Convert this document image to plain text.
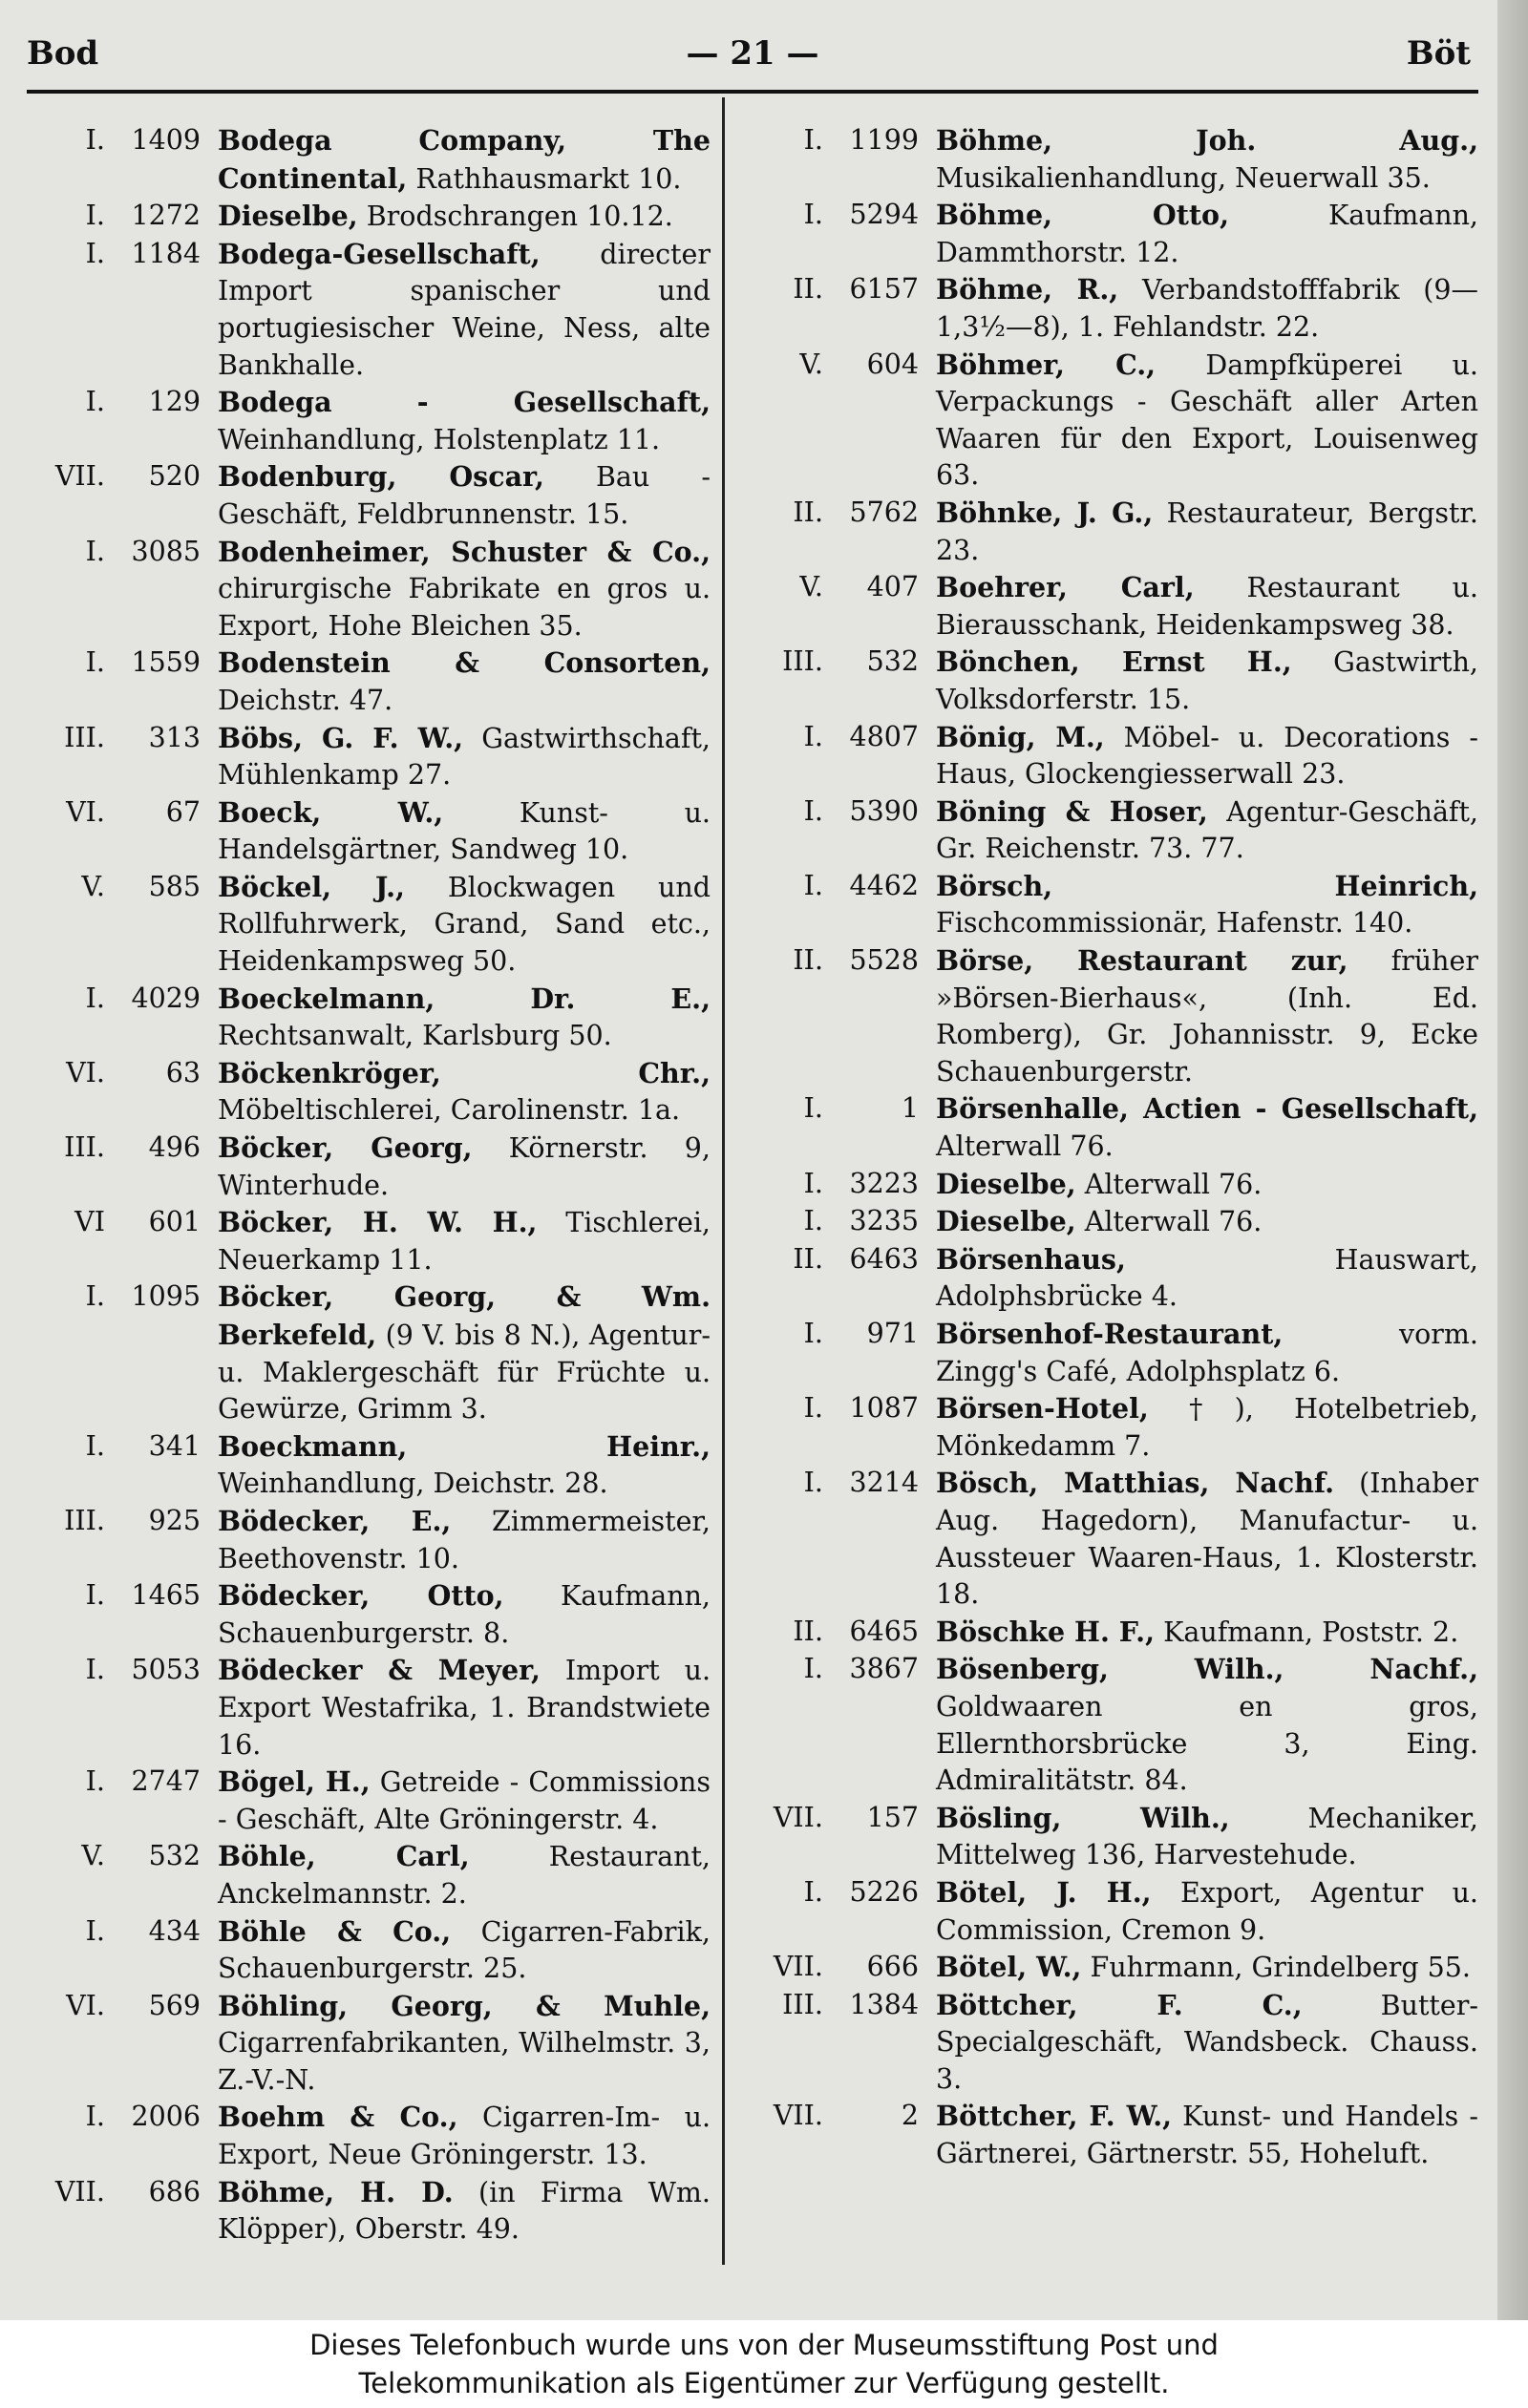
Bod	— 21 —	Böt
I. 1409 Bodega Company, The Continental, Rathhausmarkt 10.
I. 1272 Dieselbe, Brodschrangen 10.12.
I. 1184 Bodega-Gesellschaft, directer Import spanischer und portugiesischer Weine, Ness, alte Bankhalle.
I. 129 Bodega - Gesellschaft, Weinhandlung, Holstenplatz 11.
VII. 520 Bodenburg, Oscar, Bau - Geschäft, Feldbrunnenstr. 15.
I. 3085 Bodenheimer, Schuster & Co., chirurgische Fabrikate en gros u. Export, Hohe Bleichen 35.
I. 1559 Bodenstein & Consorten, Deichstr. 47.
III. 313 Böbs, G. F. W., Gastwirthschaft, Mühlenkamp 27.
VI. 67 Boeck, W., Kunst- u. Handelsgärtner, Sandweg 10.
V. 585 Böckel, J., Blockwagen und Rollfuhrwerk, Grand, Sand etc., Heidenkampsweg 50.
I. 4029 Boeckelmann, Dr. E., Rechtsanwalt, Karlsburg 50.
VI. 63 Böckenkröger, Chr., Möbeltischlerei, Carolinenstr. 1a.
III. 496 Böcker, Georg, Körnerstr. 9, Winterhude.
VI 601 Böcker, H. W. H., Tischlerei, Neuerkamp 11.
I. 1095 Böcker, Georg, & Wm. Berkefeld, (9 V. bis 8 N.), Agentur- u. Maklergeschäft für Früchte u. Gewürze, Grimm 3.
I. 341 Boeckmann, Heinr., Weinhandlung, Deichstr. 28.
III. 925 Bödecker, E., Zimmermeister, Beethovenstr. 10.
I. 1465 Bödecker, Otto, Kaufmann, Schauenburgerstr. 8.
I. 5053 Bödecker & Meyer, Import u. Export Westafrika, 1. Brandstwiete 16.
I. 2747 Bögel, H., Getreide - Commissions - Geschäft, Alte Gröningerstr. 4.
V. 532 Böhle, Carl, Restaurant, Anckelmannstr. 2.
I. 434 Böhle & Co., Cigarren-Fabrik, Schauenburgerstr. 25.
VI. 569 Böhling, Georg, & Muhle, Cigarrenfabrikanten, Wilhelmstr. 3, Z.-V.-N.
I. 2006 Boehm & Co., Cigarren-Im- u. Export, Neue Gröningerstr. 13.
VII. 686 Böhme, H. D. (in Firma Wm. Klöpper), Oberstr. 49.
I. 1199 Böhme, Joh. Aug., Musikalienhandlung, Neuerwall 35.
I. 5294 Böhme, Otto, Kaufmann, Dammthorstr. 12.
II. 6157 Böhme, R., Verbandstofffabrik (9—1,3½—8), 1. Fehlandstr. 22.
V. 604 Böhmer, C., Dampfküperei u. Verpackungs - Geschäft aller Arten Waaren für den Export, Louisenweg 63.
II. 5762 Böhnke, J. G., Restaurateur, Bergstr. 23.
V. 407 Boehrer, Carl, Restaurant u. Bierausschank, Heidenkampsweg 38.
III. 532 Bönchen, Ernst H., Gastwirth, Volksdorferstr. 15.
I. 4807 Bönig, M., Möbel- u. Decorations - Haus, Glockengiesserwall 23.
I. 5390 Böning & Hoser, Agentur-Geschäft, Gr. Reichenstr. 73. 77.
I. 4462 Börsch, Heinrich, Fischcommissionär, Hafenstr. 140.
II. 5528 Börse, Restaurant zur, früher »Börsen-Bierhaus«, (Inh. Ed. Romberg), Gr. Johannisstr. 9, Ecke Schauenburgerstr.
I.	1 Börsenhalle, Actien - Gesellschaft, Alterwall 76.
I. 3223 Dieselbe, Alterwall 76.
I. 3235 Dieselbe, Alterwall 76.
II. 6463 Börsenhaus, Hauswart, Adolphsbrücke 4.
I. 971 Börsenhof-Restaurant, vorm. Zingg's Café, Adolphsplatz 6.
I. 1087 Börsen-Hotel, †), Hotelbetrieb, Mönkedamm 7.
I. 3214 Bösch, Matthias, Nachf. (Inhaber Aug. Hagedorn), Manufactur- u. Aussteuer Waaren-Haus, 1. Klosterstr. 18.
II. 6465 Böschke H. F., Kaufmann, Poststr. 2.
I. 3867 Bösenberg, Wilh., Nachf., Goldwaaren en gros, Ellernthorsbrücke 3, Eing. Admiralitätstr. 84.
VII. 157 Bösling, Wilh., Mechaniker, Mittelweg 136, Harvestehude.
I. 5226 Bötel, J. H., Export, Agentur u. Commission, Cremon 9.
VII. 666 Bötel, W., Fuhrmann, Grindelberg 55.
III. 1384 Böttcher, F. C., Butter-Specialgeschäft, Wandsbeck. Chauss. 3.
VII.	2 Böttcher, F. W., Kunst- und Handels - Gärtnerei, Gärtnerstr. 55, Hoheluft.
Dieses Telefonbuch wurde uns von der Museumsstiftung Post und
Telekommunikation als Eigentümer zur Verfügung gestellt.
